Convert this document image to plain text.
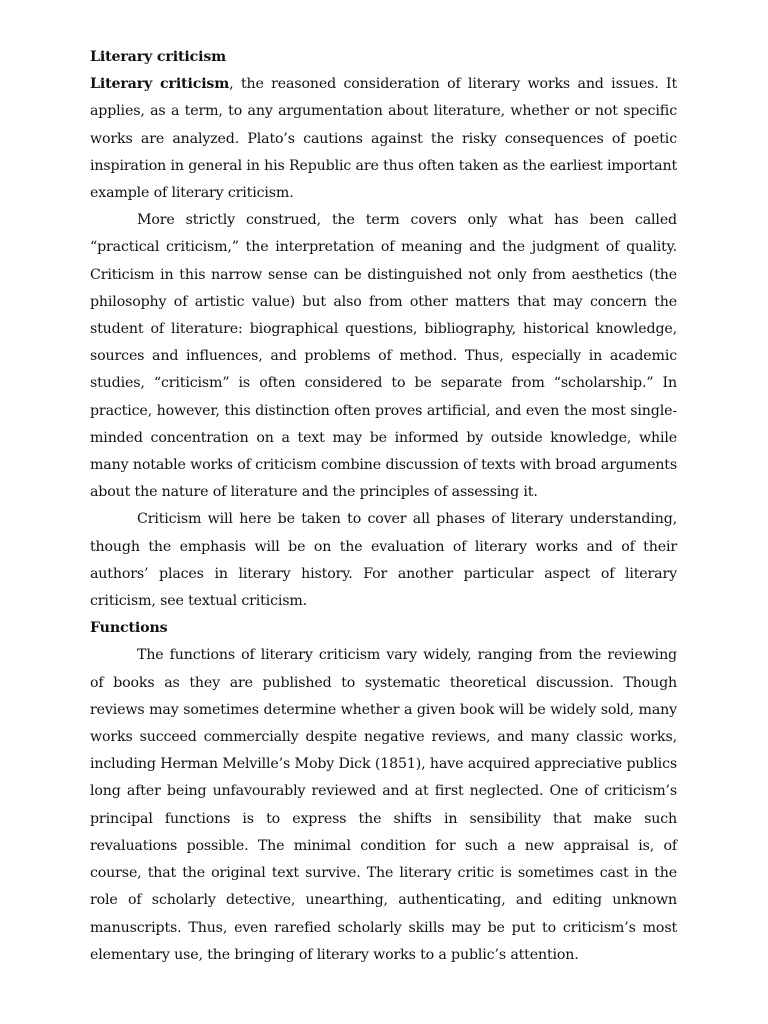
Literary criticism

Literary criticism, the reasoned consideration of literary works and issues. It applies, as a term, to any argumentation about literature, whether or not specific works are analyzed. Plato’s cautions against the risky consequences of poetic inspiration in general in his Republic are thus often taken as the earliest important example of literary criticism.

More strictly construed, the term covers only what has been called “practical criticism,” the interpretation of meaning and the judgment of quality. Criticism in this narrow sense can be distinguished not only from aesthetics (the philosophy of artistic value) but also from other matters that may concern the student of literature: biographical questions, bibliography, historical knowledge, sources and influences, and problems of method. Thus, especially in academic studies, “criticism” is often considered to be separate from “scholarship.” In practice, however, this distinction often proves artificial, and even the most single-minded concentration on a text may be informed by outside knowledge, while many notable works of criticism combine discussion of texts with broad arguments about the nature of literature and the principles of assessing it.

Criticism will here be taken to cover all phases of literary understanding, though the emphasis will be on the evaluation of literary works and of their authors’ places in literary history. For another particular aspect of literary criticism, see textual criticism.

Functions

The functions of literary criticism vary widely, ranging from the reviewing of books as they are published to systematic theoretical discussion. Though reviews may sometimes determine whether a given book will be widely sold, many works succeed commercially despite negative reviews, and many classic works, including Herman Melville’s Moby Dick (1851), have acquired appreciative publics long after being unfavourably reviewed and at first neglected. One of criticism’s principal functions is to express the shifts in sensibility that make such revaluations possible. The minimal condition for such a new appraisal is, of course, that the original text survive. The literary critic is sometimes cast in the role of scholarly detective, unearthing, authenticating, and editing unknown manuscripts. Thus, even rarefied scholarly skills may be put to criticism’s most elementary use, the bringing of literary works to a public’s attention.
